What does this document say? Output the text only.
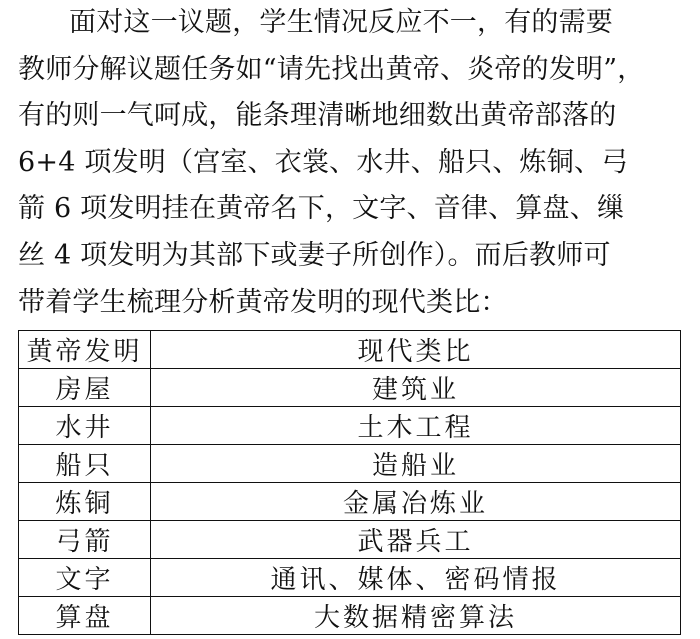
面对这一议题，学生情况反应不一，有的需要
教师分解议题任务如“请先找出黄帝、炎帝的发明”，
有的则一气呵成，能条理清晰地细数出黄帝部落的
6+4 项发明（宫室、衣裳、水井、船只、炼铜、弓
箭 6 项发明挂在黄帝名下，文字、音律、算盘、缫
丝 4 项发明为其部下或妻子所创作）。而后教师可
带着学生梳理分析黄帝发明的现代类比：

黄帝发明	现代类比
房屋	建筑业
水井	土木工程
船只	造船业
炼铜	金属冶炼业
弓箭	武器兵工
文字	通讯、媒体、密码情报
算盘	大数据精密算法
